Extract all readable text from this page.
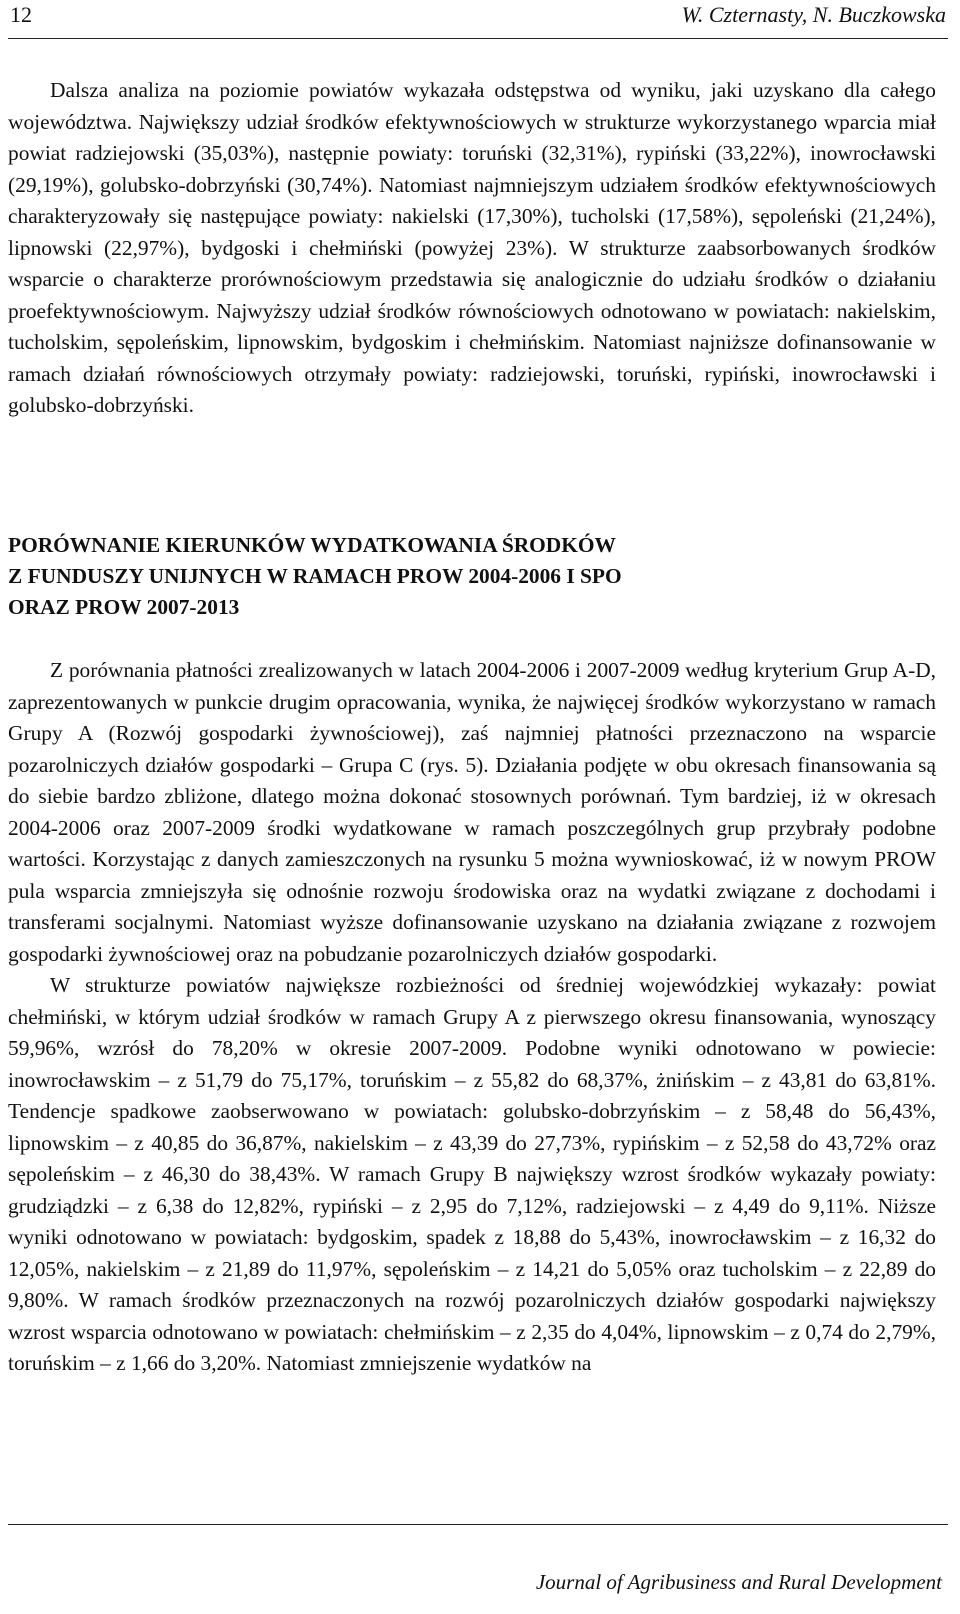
12	W. Czternasty, N. Buczkowska
Dalsza analiza na poziomie powiatów wykazała odstępstwa od wyniku, jaki uzyskano dla całego województwa. Największy udział środków efektywnościowych w strukturze wykorzystanego wparcia miał powiat radziejowski (35,03%), następnie powiaty: toruński (32,31%), rypiński (33,22%), inowrocławski (29,19%), golubsko-dobrzyński (30,74%). Natomiast najmniejszym udziałem środków efektywnościowych charakteryzowały się następujące powiaty: nakielski (17,30%), tucholski (17,58%), sępoleński (21,24%), lipnowski (22,97%), bydgoski i chełmiński (powyżej 23%). W strukturze zaabsorbowanych środków wsparcie o charakterze prorównościowym przedstawia się analogicznie do udziału środków o działaniu proefektywnościowym. Najwyższy udział środków równościowych odnotowano w powiatach: nakielskim, tucholskim, sępoleńskim, lipnowskim, bydgoskim i chełmińskim. Natomiast najniższe dofinansowanie w ramach działań równościowych otrzymały powiaty: radziejowski, toruński, rypiński, inowrocławski i golubsko-dobrzyński.
PORÓWNANIE KIERUNKÓW WYDATKOWANIA ŚRODKÓW
Z FUNDUSZY UNIJNYCH W RAMACH PROW 2004-2006 I SPO
ORAZ PROW 2007-2013

Z porównania płatności zrealizowanych w latach 2004-2006 i 2007-2009 według kryterium Grup A-D, zaprezentowanych w punkcie drugim opracowania, wynika, że najwięcej środków wykorzystano w ramach Grupy A (Rozwój gospodarki żywnościowej), zaś najmniej płatności przeznaczono na wsparcie pozarolniczych działów gospodarki – Grupa C (rys. 5). Działania podjęte w obu okresach finansowania są do siebie bardzo zbliżone, dlatego można dokonać stosownych porównań. Tym bardziej, iż w okresach 2004-2006 oraz 2007-2009 środki wydatkowane w ramach poszczególnych grup przybrały podobne wartości. Korzystając z danych zamieszczonych na rysunku 5 można wywnioskować, iż w nowym PROW pula wsparcia zmniejszyła się odnośnie rozwoju środowiska oraz na wydatki związane z dochodami i transferami socjalnymi. Natomiast wyższe dofinansowanie uzyskano na działania związane z rozwojem gospodarki żywnościowej oraz na pobudzanie pozarolniczych działów gospodarki.

W strukturze powiatów największe rozbieżności od średniej wojewódzkiej wykazały: powiat chełmiński, w którym udział środków w ramach Grupy A z pierwszego okresu finansowania, wynoszący 59,96%, wzrósł do 78,20% w okresie 2007-2009. Podobne wyniki odnotowano w powiecie: inowrocławskim – z 51,79 do 75,17%, toruńskim – z 55,82 do 68,37%, żnińskim – z 43,81 do 63,81%. Tendencje spadkowe zaobserwowano w powiatach: golubsko-dobrzyńskim – z 58,48 do 56,43%, lipnowskim – z 40,85 do 36,87%, nakielskim – z 43,39 do 27,73%, rypińskim – z 52,58 do 43,72% oraz sępoleńskim – z 46,30 do 38,43%. W ramach Grupy B największy wzrost środków wykazały powiaty: grudziądzki – z 6,38 do 12,82%, rypiński – z 2,95 do 7,12%, radziejowski – z 4,49 do 9,11%. Niższe wyniki odnotowano w powiatach: bydgoskim, spadek z 18,88 do 5,43%, inowrocławskim – z 16,32 do 12,05%, nakielskim – z 21,89 do 11,97%, sępoleńskim – z 14,21 do 5,05% oraz tucholskim – z 22,89 do 9,80%. W ramach środków przeznaczonych na rozwój pozarolniczych działów gospodarki największy wzrost wsparcia odnotowano w powiatach: chełmińskim – z 2,35 do 4,04%, lipnowskim – z 0,74 do 2,79%, toruńskim – z 1,66 do 3,20%. Natomiast zmniejszenie wydatków na

Journal of Agribusiness and Rural Development
